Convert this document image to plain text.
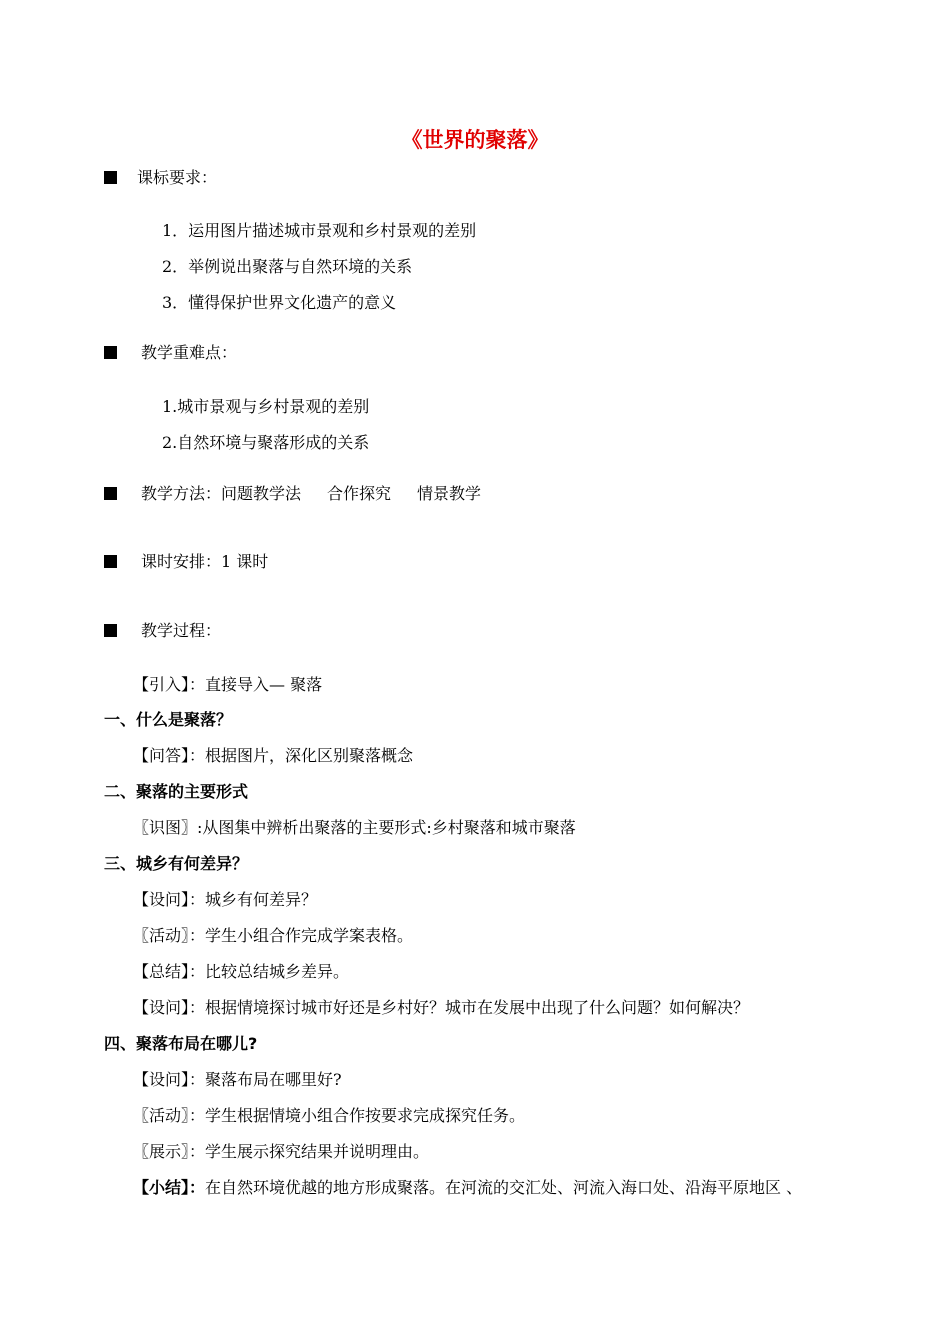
《世界的聚落》
课标要求：
1．运用图片描述城市景观和乡村景观的差别
2．举例说出聚落与自然环境的关系
3．懂得保护世界文化遗产的意义
教学重难点：
1.城市景观与乡村景观的差别
2.自然环境与聚落形成的关系
教学方法：问题教学法 合作探究 情景教学
课时安排：1 课时
教学过程：
【引入】：直接导入— 聚落
一、什么是聚落？
【问答】：根据图片，深化区别聚落概念
二、聚落的主要形式
〖识图〗:从图集中辨析出聚落的主要形式:乡村聚落和城市聚落
三、城乡有何差异？
【设问】：城乡有何差异？
〖活动〗：学生小组合作完成学案表格。
【总结】：比较总结城乡差异。
【设问】：根据情境探讨城市好还是乡村好？城市在发展中出现了什么问题？如何解决？
四、聚落布局在哪儿?
【设问】：聚落布局在哪里好?
〖活动〗：学生根据情境小组合作按要求完成探究任务。
〖展示〗：学生展示探究结果并说明理由。
【小结】：在自然环境优越的地方形成聚落。在河流的交汇处、河流入海口处、沿海平原地区 、
